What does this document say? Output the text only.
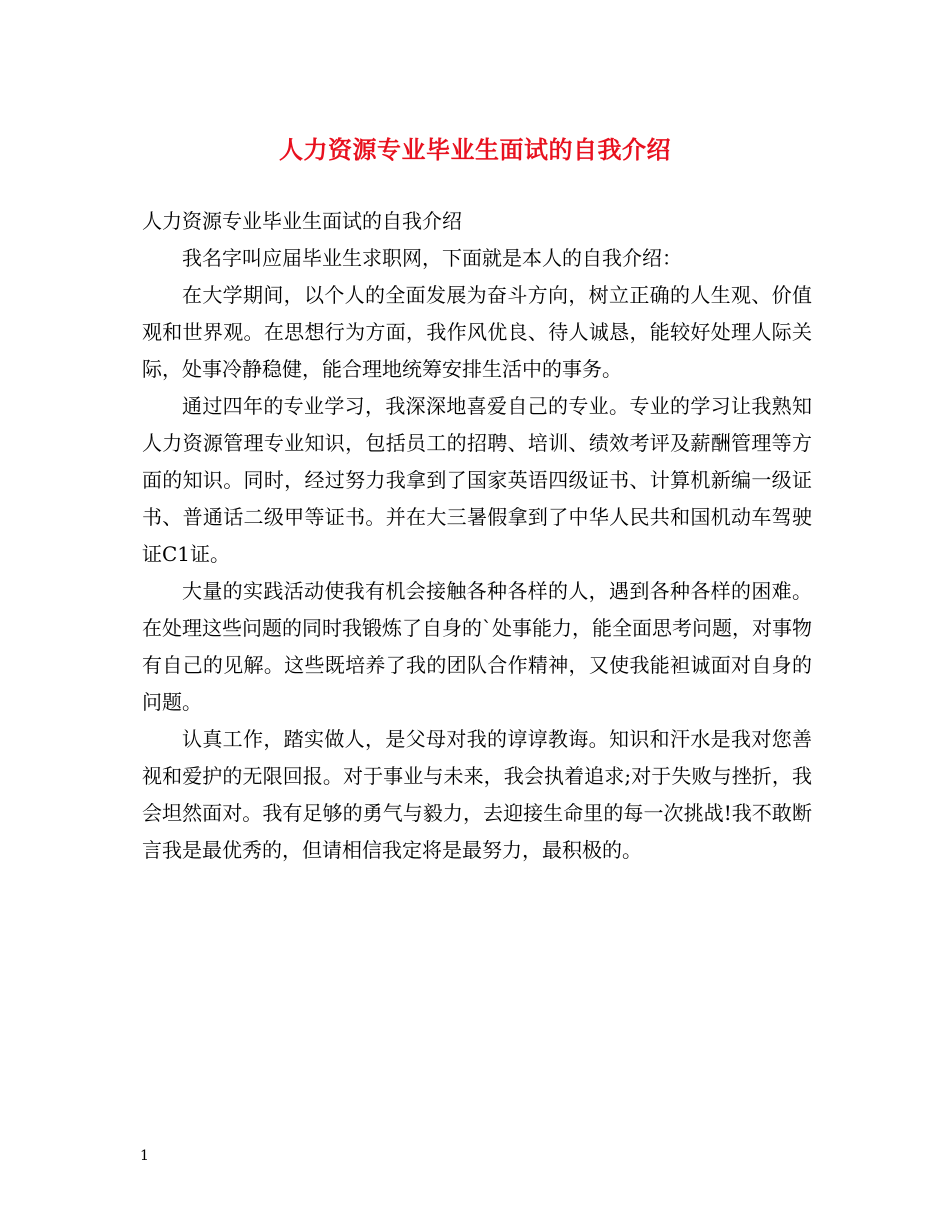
人力资源专业毕业生面试的自我介绍

人力资源专业毕业生面试的自我介绍

我名字叫应届毕业生求职网，下面就是本人的自我介绍：

在大学期间，以个人的全面发展为奋斗方向，树立正确的人生观、价值观和世界观。在思想行为方面，我作风优良、待人诚恳，能较好处理人际关际，处事冷静稳健，能合理地统筹安排生活中的事务。

通过四年的专业学习，我深深地喜爱自己的专业。专业的学习让我熟知人力资源管理专业知识，包括员工的招聘、培训、绩效考评及薪酬管理等方面的知识。同时，经过努力我拿到了国家英语四级证书、计算机新编一级证书、普通话二级甲等证书。并在大三暑假拿到了中华人民共和国机动车驾驶证C1证。

大量的实践活动使我有机会接触各种各样的人，遇到各种各样的困难。在处理这些问题的同时我锻炼了自身的`处事能力，能全面思考问题，对事物有自己的见解。这些既培养了我的团队合作精神，又使我能袒诚面对自身的问题。

认真工作，踏实做人，是父母对我的谆谆教诲。知识和汗水是我对您善视和爱护的无限回报。对于事业与未来，我会执着追求;对于失败与挫折，我会坦然面对。我有足够的勇气与毅力，去迎接生命里的每一次挑战!我不敢断言我是最优秀的，但请相信我定将是最努力，最积极的。

1
